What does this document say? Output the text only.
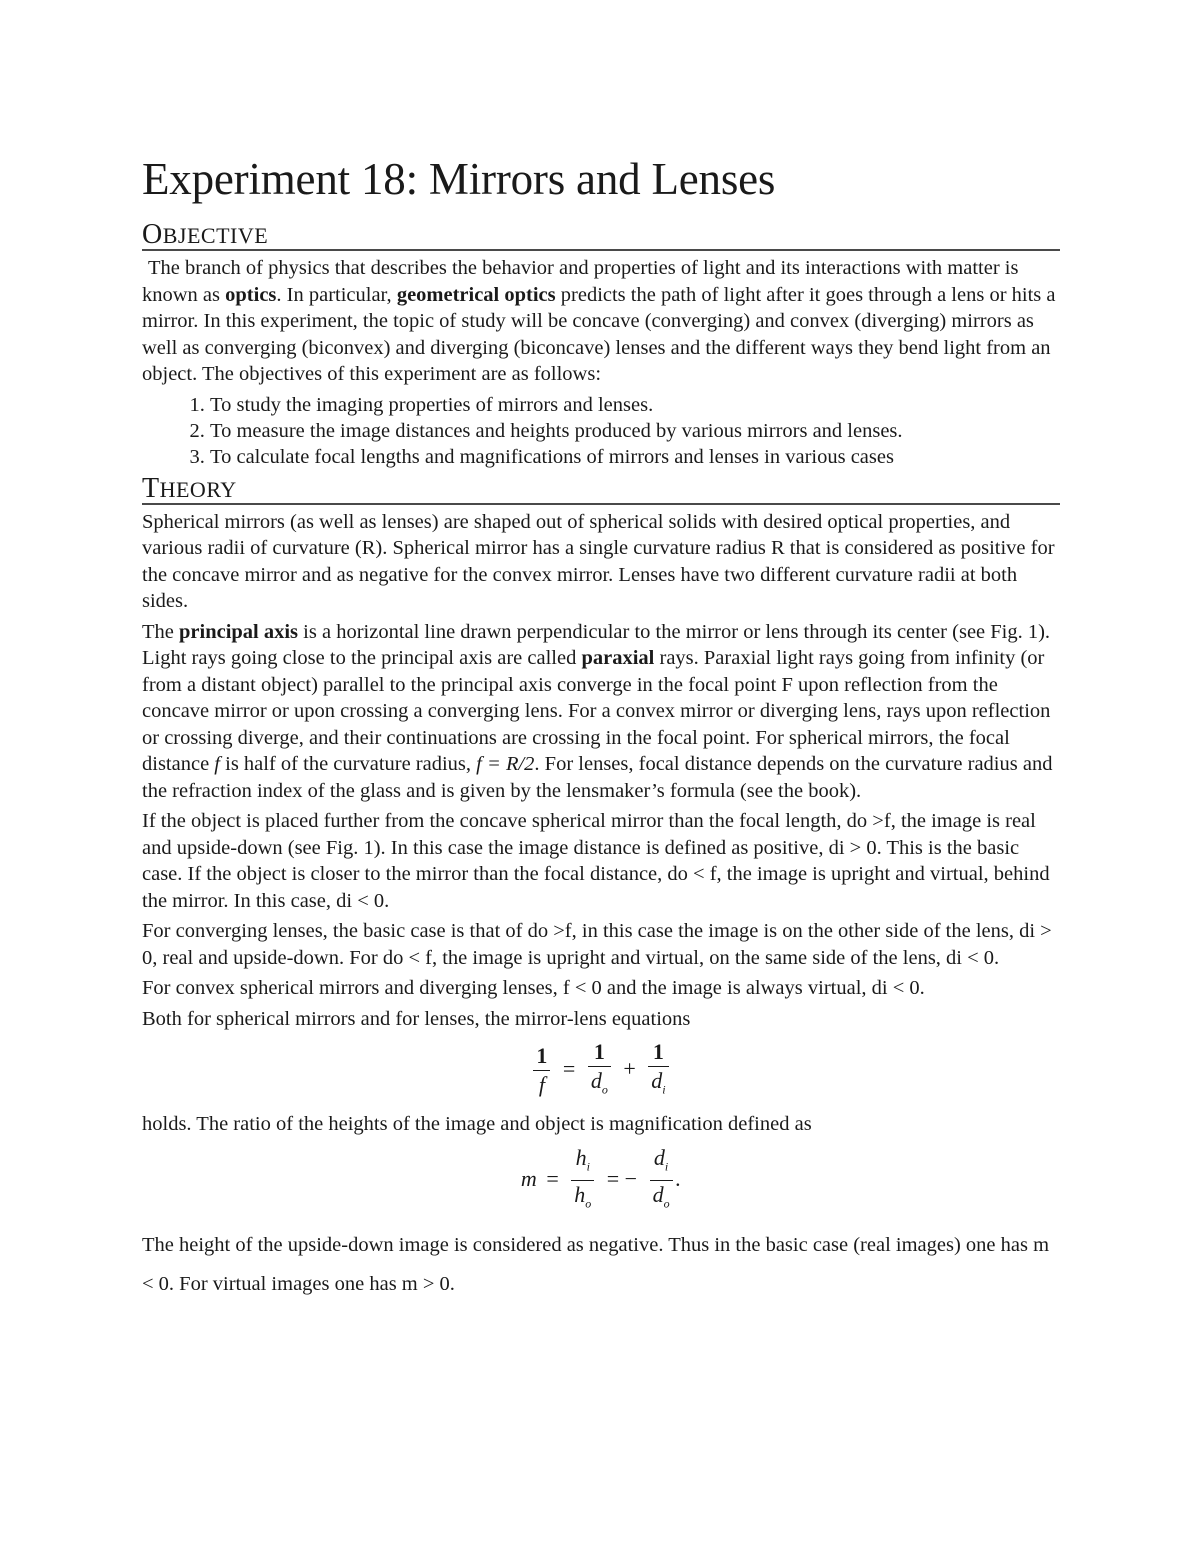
Experiment 18: Mirrors and Lenses
OBJECTIVE

The branch of physics that describes the behavior and properties of light and its interactions with matter is known as optics. In particular, geometrical optics predicts the path of light after it goes through a lens or hits a mirror. In this experiment, the topic of study will be concave (converging) and convex (diverging) mirrors as well as converging (biconvex) and diverging (biconcave) lenses and the different ways they bend light from an object. The objectives of this experiment are as follows:

1. To study the imaging properties of mirrors and lenses.
2. To measure the image distances and heights produced by various mirrors and lenses.
3. To calculate focal lengths and magnifications of mirrors and lenses in various cases
THEORY

Spherical mirrors (as well as lenses) are shaped out of spherical solids with desired optical properties, and various radii of curvature (R). Spherical mirror has a single curvature radius R that is considered as positive for the concave mirror and as negative for the convex mirror. Lenses have two different curvature radii at both sides.

The principal axis is a horizontal line drawn perpendicular to the mirror or lens through its center (see Fig. 1). Light rays going close to the principal axis are called paraxial rays. Paraxial light rays going from infinity (or from a distant object) parallel to the principal axis converge in the focal point F upon reflection from the concave mirror or upon crossing a converging lens. For a convex mirror or diverging lens, rays upon reflection or crossing diverge, and their continuations are crossing in the focal point. For spherical mirrors, the focal distance f is half of the curvature radius, f = R/2. For lenses, focal distance depends on the curvature radius and the refraction index of the glass and is given by the lensmaker’s formula (see the book).

If the object is placed further from the concave spherical mirror than the focal length, do >f, the image is real and upside-down (see Fig. 1). In this case the image distance is defined as positive, di > 0. This is the basic case. If the object is closer to the mirror than the focal distance, do < f, the image is upright and virtual, behind the mirror. In this case, di < 0.

For converging lenses, the basic case is that of do >f, in this case the image is on the other side of the lens, di > 0, real and upside-down. For do < f, the image is upright and virtual, on the same side of the lens, di < 0.

For convex spherical mirrors and diverging lenses, f < 0 and the image is always virtual, di < 0.

Both for spherical mirrors and for lenses, the mirror-lens equations

$\frac{1}{f} = \frac{1}{d_o} + \frac{1}{d_i}$

holds. The ratio of the heights of the image and object is magnification defined as

$m = \frac{h_i}{h_o}$ = − $\frac{d_i}{d_o}$ .

The height of the upside-down image is considered as negative. Thus in the basic case (real images) one has m < 0. For virtual images one has m > 0.
